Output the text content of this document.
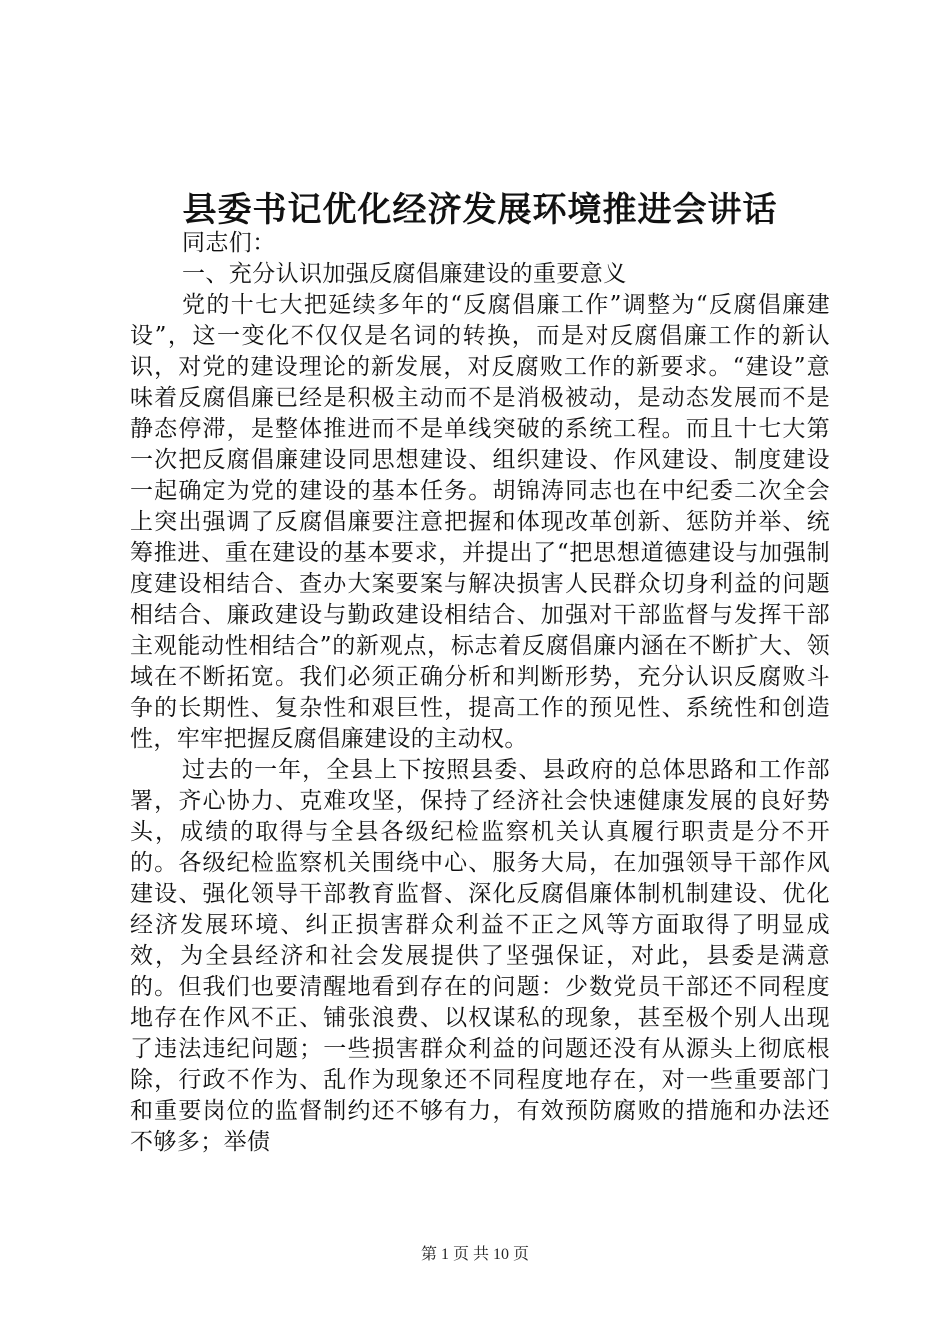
县委书记优化经济发展环境推进会讲话

同志们：

一、充分认识加强反腐倡廉建设的重要意义

党的十七大把延续多年的“反腐倡廉工作”调整为“反腐倡廉建设”，这一变化不仅仅是名词的转换，而是对反腐倡廉工作的新认识，对党的建设理论的新发展，对反腐败工作的新要求。“建设”意味着反腐倡廉已经是积极主动而不是消极被动，是动态发展而不是静态停滞，是整体推进而不是单线突破的系统工程。而且十七大第一次把反腐倡廉建设同思想建设、组织建设、作风建设、制度建设一起确定为党的建设的基本任务。胡锦涛同志也在中纪委二次全会上突出强调了反腐倡廉要注意把握和体现改革创新、惩防并举、统筹推进、重在建设的基本要求，并提出了“把思想道德建设与加强制度建设相结合、查办大案要案与解决损害人民群众切身利益的问题相结合、廉政建设与勤政建设相结合、加强对干部监督与发挥干部主观能动性相结合”的新观点，标志着反腐倡廉内涵在不断扩大、领域在不断拓宽。我们必须正确分析和判断形势，充分认识反腐败斗争的长期性、复杂性和艰巨性，提高工作的预见性、系统性和创造性，牢牢把握反腐倡廉建设的主动权。

过去的一年，全县上下按照县委、县政府的总体思路和工作部署，齐心协力、克难攻坚，保持了经济社会快速健康发展的良好势头，成绩的取得与全县各级纪检监察机关认真履行职责是分不开的。各级纪检监察机关围绕中心、服务大局，在加强领导干部作风建设、强化领导干部教育监督、深化反腐倡廉体制机制建设、优化经济发展环境、纠正损害群众利益不正之风等方面取得了明显成效，为全县经济和社会发展提供了坚强保证，对此，县委是满意的。但我们也要清醒地看到存在的问题：少数党员干部还不同程度地存在作风不正、铺张浪费、以权谋私的现象，甚至极个别人出现了违法违纪问题；一些损害群众利益的问题还没有从源头上彻底根除，行政不作为、乱作为现象还不同程度地存在，对一些重要部门和重要岗位的监督制约还不够有力，有效预防腐败的措施和办法还不够多；举债

第 1 页 共 10 页
